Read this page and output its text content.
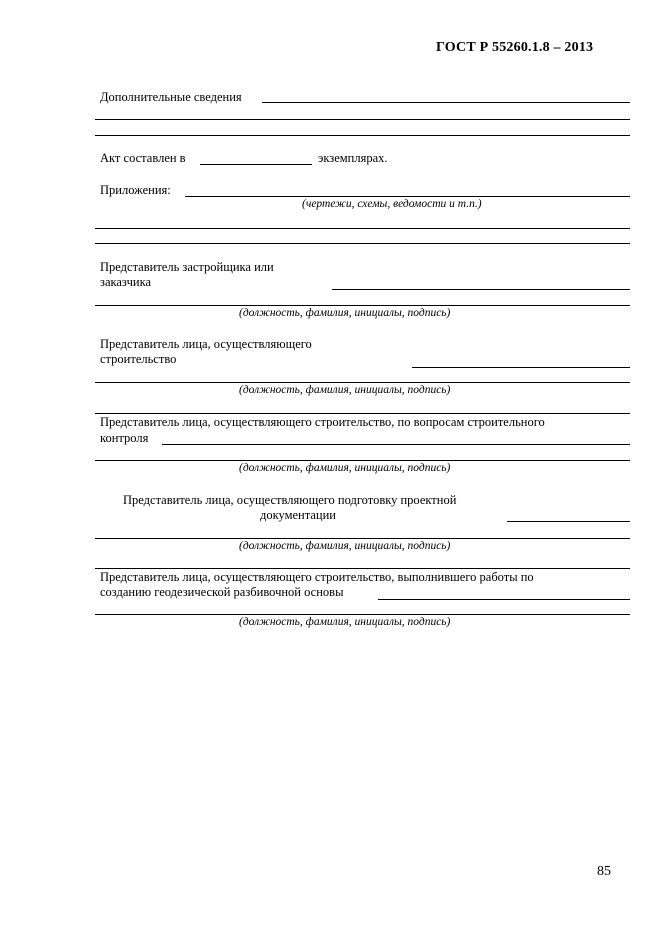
ГОСТ Р 55260.1.8 – 2013
Дополнительные сведения
Акт составлен в	экземплярах.
Приложения:
(чертежи, схемы, ведомости и т.п.)
Представитель застройщика или
заказчика
(должность, фамилия, инициалы, подпись)
Представитель лица, осуществляющего
строительство
(должность, фамилия, инициалы, подпись)
Представитель лица, осуществляющего строительство, по вопросам строительного
контроля
(должность, фамилия, инициалы, подпись)
Представитель лица, осуществляющего подготовку проектной
документации
(должность, фамилия, инициалы, подпись)
Представитель лица, осуществляющего строительство, выполнившего работы по
созданию геодезической разбивочной основы
(должность, фамилия, инициалы, подпись)
85
